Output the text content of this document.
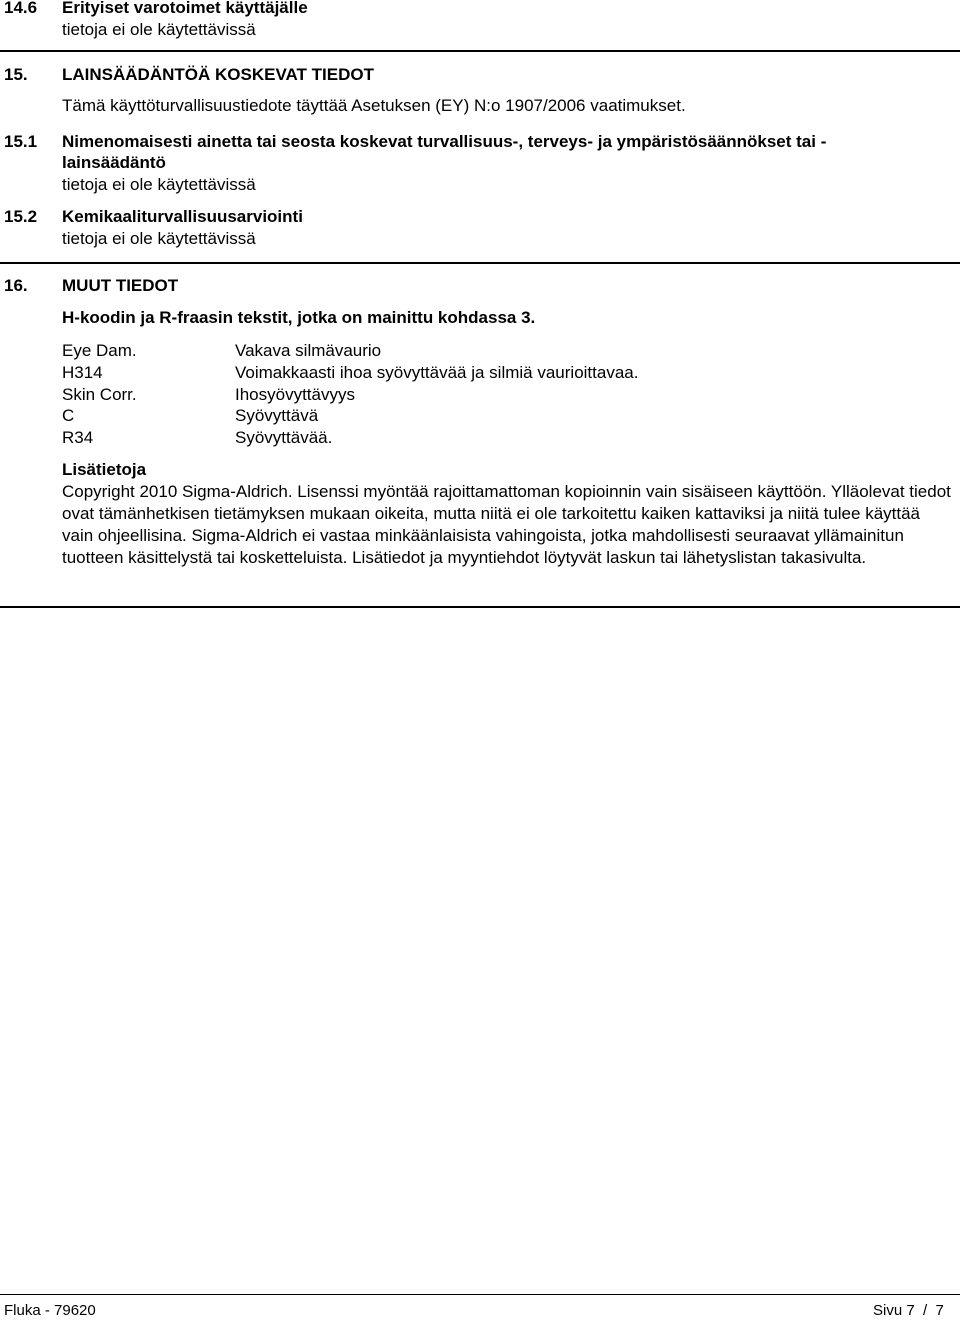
14.6 Erityiset varotoimet käyttäjälle
tietoja ei ole käytettävissä
15. LAINSÄÄDÄNTÖÄ KOSKEVAT TIEDOT
Tämä käyttöturvallisuustiedote täyttää Asetuksen (EY) N:o 1907/2006 vaatimukset.
15.1 Nimenomaisesti ainetta tai seosta koskevat turvallisuus-, terveys- ja ympäristösäännökset tai -
lainsäädäntö
tietoja ei ole käytettävissä
15.2 Kemikaaliturvallisuusarviointi
tietoja ei ole käytettävissä
16. MUUT TIEDOT
H-koodin ja R-fraasin tekstit, jotka on mainittu kohdassa 3.
Eye Dam.	Vakava silmävaurio
H314	Voimakkaasti ihoa syövyttävää ja silmiä vaurioittavaa.
Skin Corr.	Ihosyövyttävyys
C	Syövyttävä
R34	Syövyttävää.
Lisätietoja
Copyright 2010 Sigma-Aldrich. Lisenssi myöntää rajoittamattoman kopioinnin vain sisäiseen käyttöön. Ylläolevat tiedot ovat tämänhetkisen tietämyksen mukaan oikeita, mutta niitä ei ole tarkoitettu kaiken kattaviksi ja niitä tulee käyttää vain ohjeellisina. Sigma-Aldrich ei vastaa minkäänlaisista vahingoista, jotka mahdollisesti seuraavat yllämainitun tuotteen käsittelystä tai kosketteluista. Lisätiedot ja myyntiehdot löytyvät laskun tai lähetyslistan takasivulta.
Fluka - 79620	Sivu 7  /  7
